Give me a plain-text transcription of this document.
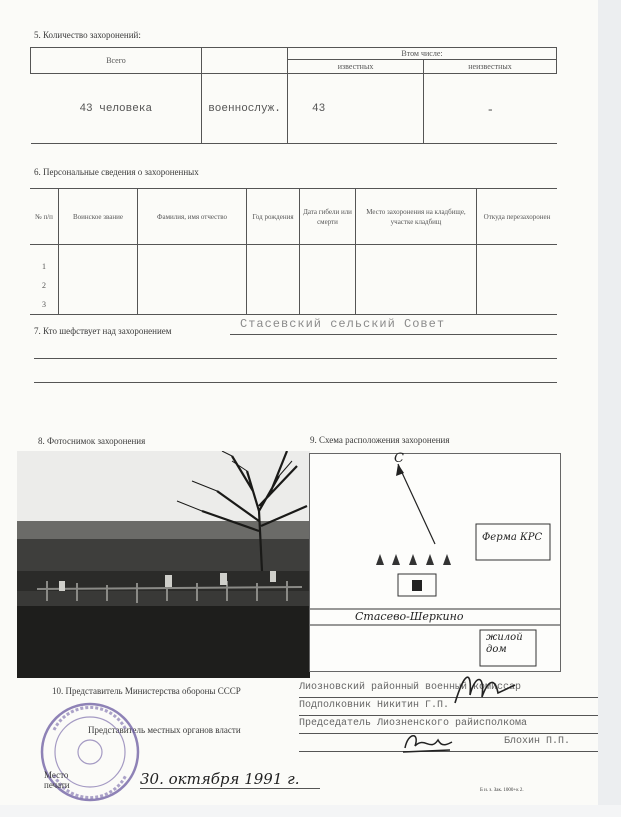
5. Количество захоронений:
Всего		Втом числе:	
		известных	неизвестных
43 человека	военнослуж.	43	-
6. Персональные сведения о захороненных
№ п/п	Воинское звание	Фамилия, имя отчество	Год рождения	Дата гибели или смерти	Место захоронения на кладбище, участке кладбищ	Откуда перезахоронен

1
2
3						

7. Кто шефствует над захоронением	Стасевский сельский Совет
8. Фотоснимок захоронения	9. Схема расположения захоронения
С
Ферма КРС
Стасево-Шеркино
жилой
дом
10. Представитель Министерства обороны СССР
Представитель местных органов власти
Лиозновский районный военный комиссар
Подполковник Никитин Г.П.
Председатель Лиозненского райисполкома
Блохин П.П.
Место печати	30. октября 1991 г.
Б и. з. Зак. 1000+к 2.
